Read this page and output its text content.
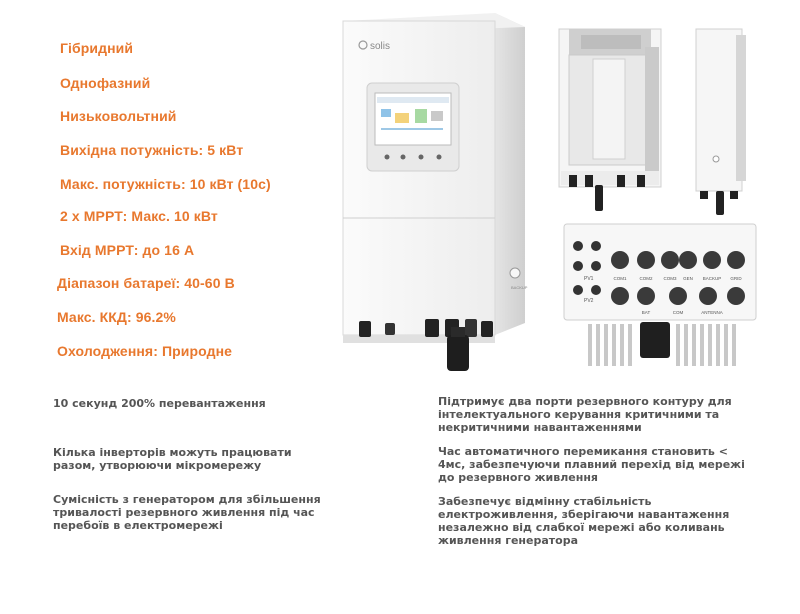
Гібридний
Однофазний
Низьковольтний
Вихідна потужність: 5 кВт
Макс. потужність: 10 кВт (10с)
2 х МРРТ: Макс. 10 кВт
Вхід МРРТ: до 16 А
Діапазон батареї: 40-60 В
Макс. ККД: 96.2%
Охолодження: Природне
10 секунд 200% перевантаження
Кілька інверторів можуть працювати разом, утворюючи мікромережу
Сумісність з генератором для збільшення тривалості резервного живлення під час перебоїв в електромережі
Підтримує два порти резервного контуру для інтелектуального керування критичними та некритичними навантаженнями
Час автоматичного перемикання становить < 4мс, забезпечуючи плавний перехід від мережі до резервного живлення
Забезпечує відмінну стабільність електроживлення, зберігаючи навантаження незалежно від слабкої мережі або коливань живлення генератора
solis
BACKUP
PV1
PV2
COM1	COM2 COM3 GEN BACKUP GRID
BAT	COM	ANTENNA
